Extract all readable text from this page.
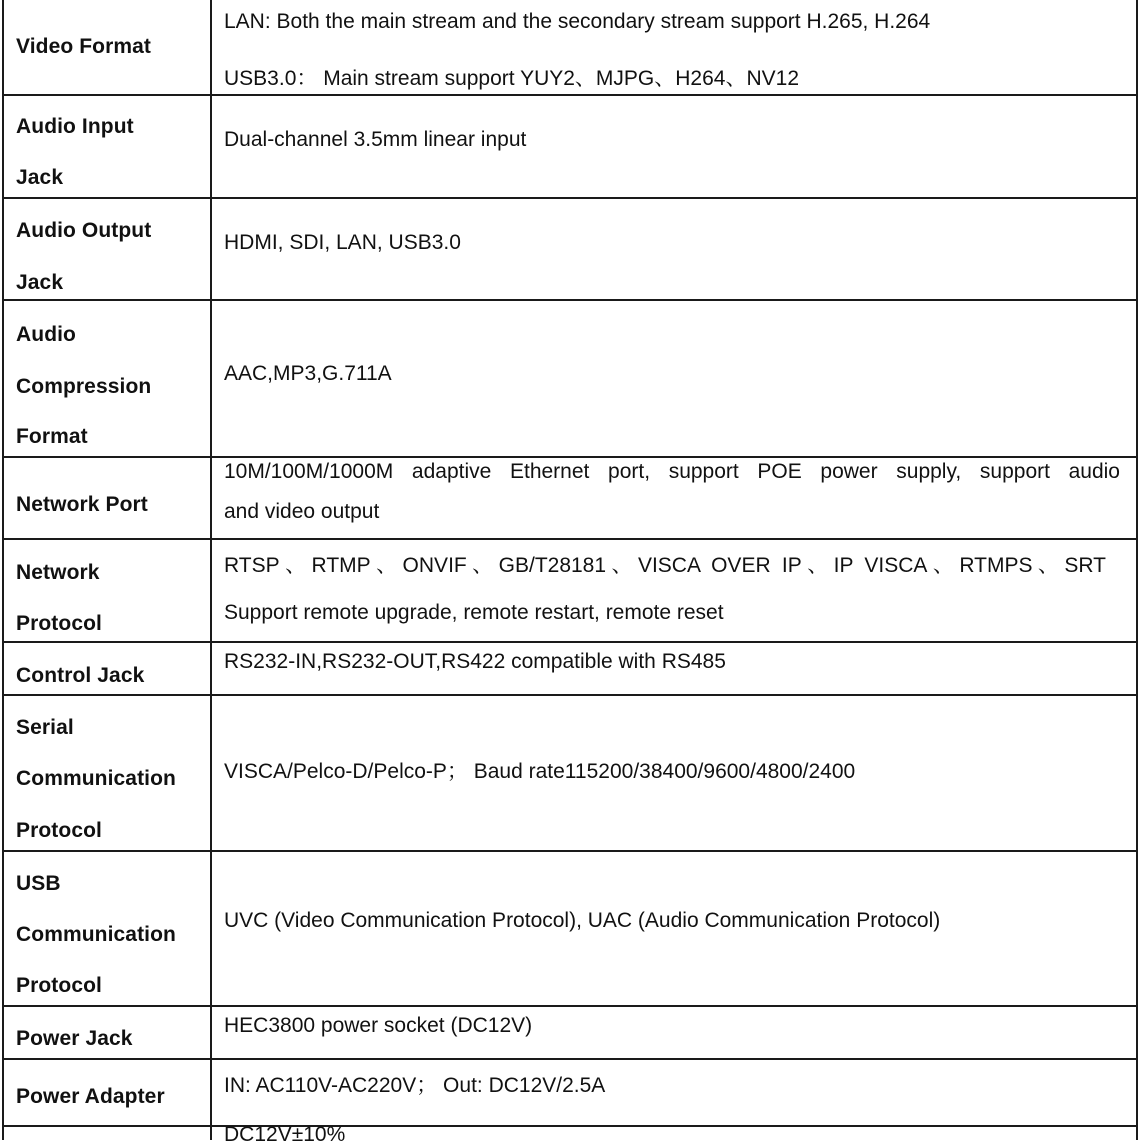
Video Format
LAN: Both the main stream and the secondary stream support H.265, H.264
USB3.0： Main stream support YUY2、MJPG、H264、NV12
Audio Input
Jack
Dual-channel 3.5mm linear input
Audio Output
Jack
HDMI, SDI, LAN, USB3.0
Audio
Compression
Format
AAC,MP3,G.711A
Network Port
10M/100M/1000M adaptive Ethernet port, support POE power supply, support audio
and video output
Network
Protocol
RTSP、RTMP、ONVIF、GB/T28181、VISCA OVER IP、IP VISCA、RTMPS、SRT
Support remote upgrade, remote restart, remote reset
Control Jack
RS232-IN,RS232-OUT,RS422 compatible with RS485
Serial
Communication
Protocol
VISCA/Pelco-D/Pelco-P； Baud rate115200/38400/9600/4800/2400
USB
Communication
Protocol
UVC (Video Communication Protocol), UAC (Audio Communication Protocol)
Power Jack
HEC3800 power socket (DC12V)
Power Adapter	IN: AC110V-AC220V； Out: DC12V/2.5A
DC12V±10%
